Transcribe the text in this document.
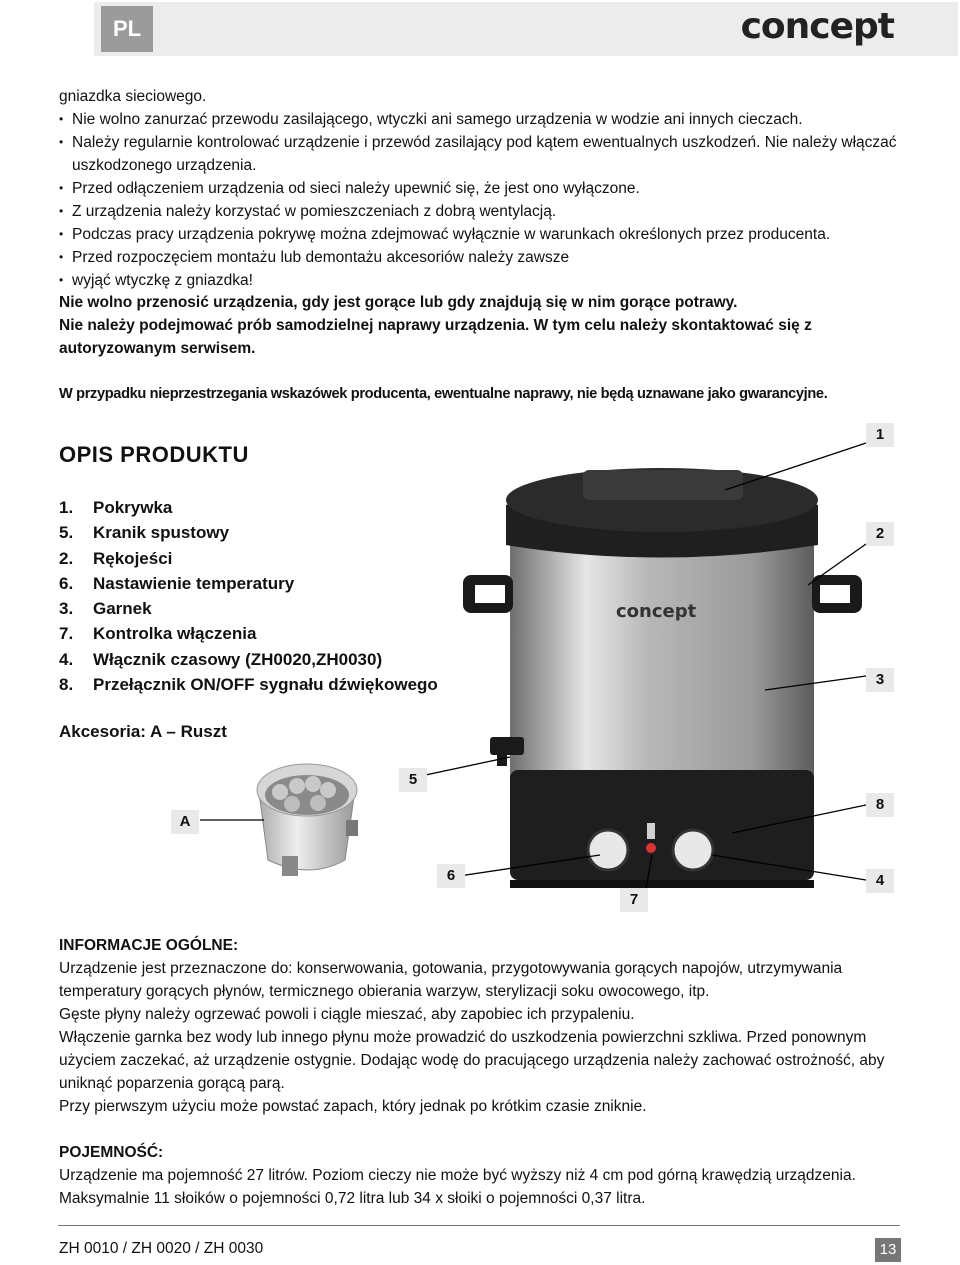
PL	concept
gniazdka sieciowego.
• Nie wolno zanurzać przewodu zasilającego, wtyczki ani samego urządzenia w wodzie ani innych cieczach.
• Należy regularnie kontrolować urządzenie i przewód zasilający pod kątem ewentualnych uszkodzeń. Nie należy włączać uszkodzonego urządzenia.
• Przed odłączeniem urządzenia od sieci należy upewnić się, że jest ono wyłączone.
• Z urządzenia należy korzystać w pomieszczeniach z dobrą wentylacją.
• Podczas pracy urządzenia pokrywę można zdejmować wyłącznie w warunkach określonych przez producenta.
• Przed rozpoczęciem montażu lub demontażu akcesoriów należy zawsze
• wyjąć wtyczkę z gniazdka!
Nie wolno przenosić urządzenia, gdy jest gorące lub gdy znajdują się w nim gorące potrawy.
Nie należy podejmować prób samodzielnej naprawy urządzenia. W tym celu należy skontaktować się z autoryzowanym serwisem.
W przypadku nieprzestrzegania wskazówek producenta, ewentualne naprawy, nie będą uznawane jako gwarancyjne.
OPIS PRODUKTU
1. Pokrywka
5. Kranik spustowy
2. Rękojeści
6. Nastawienie temperatury
3. Garnek
7. Kontrolka włączenia
4. Włącznik czasowy (ZH0020,ZH0030)
8. Przełącznik ON/OFF sygnału dźwiękowego
Akcesoria: A – Ruszt
concept
1
2
3
5
8
A
6	4
7
INFORMACJE OGÓLNE:
Urządzenie jest przeznaczone do: konserwowania, gotowania, przygotowywania gorących napojów, utrzymywania temperatury gorących płynów, termicznego obierania warzyw, sterylizacji soku owocowego, itp.
Gęste płyny należy ogrzewać powoli i ciągle mieszać, aby zapobiec ich przypaleniu.
Włączenie garnka bez wody lub innego płynu może prowadzić do uszkodzenia powierzchni szkliwa. Przed ponownym użyciem zaczekać, aż urządzenie ostygnie. Dodając wodę do pracującego urządzenia należy zachować ostrożność, aby uniknąć poparzenia gorącą parą.
Przy pierwszym użyciu może powstać zapach, który jednak po krótkim czasie zniknie.
POJEMNOŚĆ:
Urządzenie ma pojemność 27 litrów. Poziom cieczy nie może być wyższy niż 4 cm pod górną krawędzią urządzenia.
Maksymalnie 11 słoików o pojemności 0,72 litra lub 34 x słoiki o pojemności 0,37 litra.
ZH 0010 / ZH 0020 / ZH 0030	13
